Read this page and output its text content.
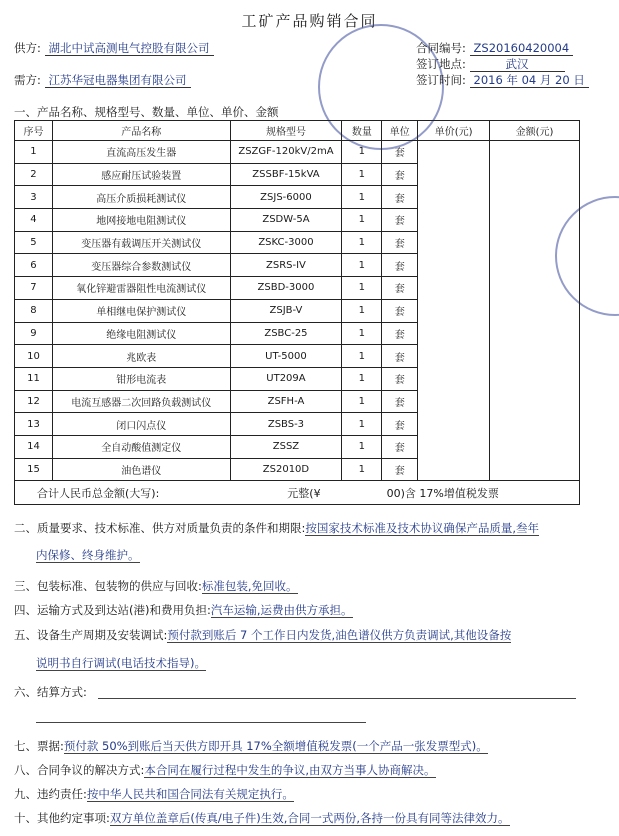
工矿产品购销合同
供方: 湖北中试高测电气控股有限公司
需方: 江苏华冠电器集团有限公司
合同编号: ZS20160420004
签订地点:	武汉
签订时间: 2016 年 04 月 20 日
一、产品名称、规格型号、数量、单位、单价、金额
序号	产品名称	规格型号	数量	单位	单价(元)	金额(元)
1	直流高压发生器	ZSZGF-120kV/2mA	1	套		
2	感应耐压试验装置	ZSSBF-15kVA	1	套		
3	高压介质损耗测试仪	ZSJS-6000	1	套		
4	地网接地电阻测试仪	ZSDW-5A	1	套		
5	变压器有载调压开关测试仪	ZSKC-3000	1	套		
6	变压器综合参数测试仪	ZSRS-IV	1	套		
7	氧化锌避雷器阻性电流测试仪	ZSBD-3000	1	套		
8	单相继电保护测试仪	ZSJB-V	1	套		
9	绝缘电阻测试仪	ZSBC-25	1	套		
10	兆欧表	UT-5000	1	套		
11	钳形电流表	UT209A	1	套		
12	电流互感器二次回路负载测试仪	ZSFH-A	1	套		
13	闭口闪点仪	ZSBS-3	1	套		
14	全自动酸值测定仪	ZSSZ	1	套		
15	油色谱仪	ZS2010D	1	套		
合计人民币总金额(大写): 元整(¥ 00)含 17%增值税发票						
二、质量要求、技术标准、供方对质量负责的条件和期限:按国家技术标准及技术协议确保产品质量,叁年
内保修、终身维护。
三、包装标准、包装物的供应与回收:标准包装,免回收。
四、运输方式及到达站(港)和费用负担:汽车运输,运费由供方承担。
五、设备生产周期及安装调试:预付款到账后 7 个工作日内发货,油色谱仪供方负责调试,其他设备按
说明书自行调试(电话技术指导)。
六、结算方式:
七、票据:预付款 50%到账后当天供方即开具 17%全额增值税发票(一个产品一张发票型式)。
八、合同争议的解决方式:本合同在履行过程中发生的争议,由双方当事人协商解决。
九、违约责任:按中华人民共和国合同法有关规定执行。
十、其他约定事项:双方单位盖章后(传真/电子件)生效,合同一式两份,各持一份具有同等法律效力。
